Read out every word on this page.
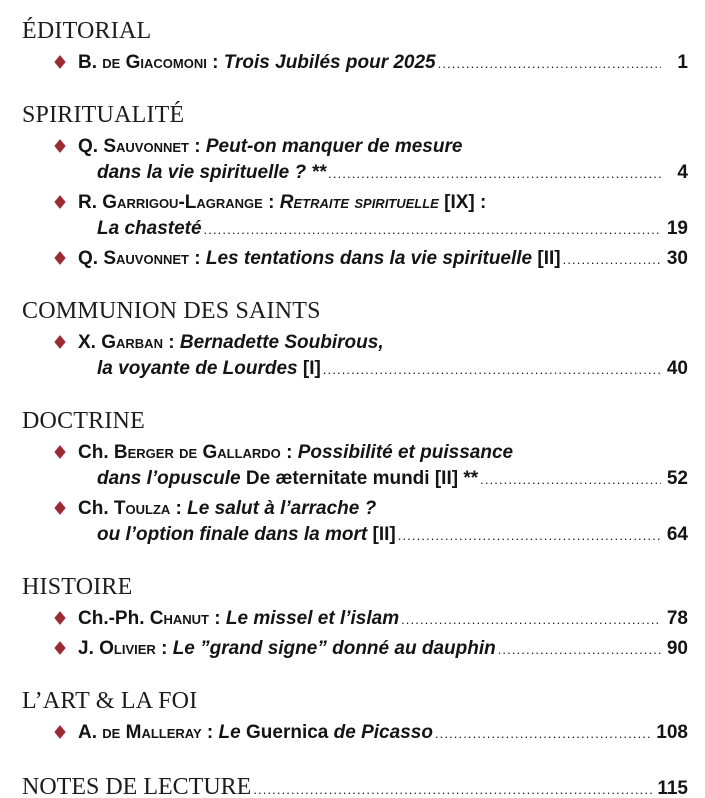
ÉDITORIAL
B. de Giacomoni : Trois Jubilés pour 2025 .....	1
SPIRITUALITÉ
Q. Sauvonnet : Peut-on manquer de mesure
dans la vie spirituelle ? ** .....	4
R. Garrigou-Lagrange : Retraite spirituelle [IX] :
La chasteté .....	19
Q. Sauvonnet : Les tentations dans la vie spirituelle [II] .....	30
COMMUNION DES SAINTS
X. Garban : Bernadette Soubirous,
la voyante de Lourdes [I] .....	40
DOCTRINE
Ch. Berger de Gallardo : Possibilité et puissance
dans l’opuscule De æternitate mundi [II] ** .....	52
Ch. Toulza : Le salut à l’arrache ?
ou l’option finale dans la mort [II] .....	64
HISTOIRE
Ch.-Ph. Chanut : Le missel et l’islam .....	78
J. Olivier : Le ”grand signe” donné au dauphin .....	90
L’ART & LA FOI
A. de Malleray : Le Guernica de Picasso .....	108
NOTES DE LECTURE .....	115
